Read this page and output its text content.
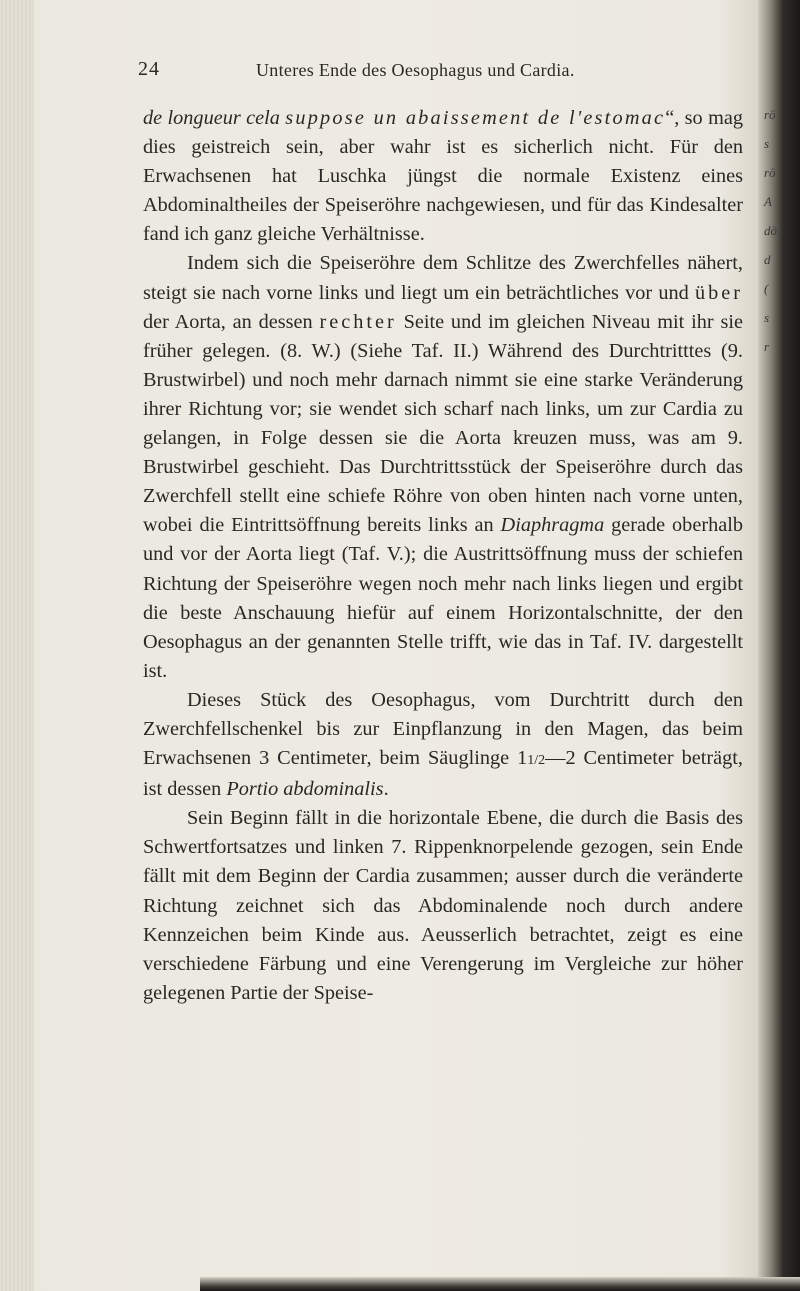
24	Unteres Ende des Oesophagus und Cardia.

de longueur cela suppose un abaissement de l'estomac“, so mag dies geistreich sein, aber wahr ist es sicherlich nicht. Für den Erwachsenen hat Luschka jüngst die normale Existenz eines Abdominaltheiles der Speiseröhre nachgewiesen, und für das Kindesalter fand ich ganz gleiche Verhältnisse.

Indem sich die Speiseröhre dem Schlitze des Zwerchfelles nähert, steigt sie nach vorne links und liegt um ein beträchtliches vor und über der Aorta, an dessen rechter Seite und im gleichen Niveau mit ihr sie früher gelegen. (8. W.) (Siehe Taf. II.) Während des Durchtritttes (9. Brustwirbel) und noch mehr darnach nimmt sie eine starke Veränderung ihrer Richtung vor; sie wendet sich scharf nach links, um zur Cardia zu gelangen, in Folge dessen sie die Aorta kreuzen muss, was am 9. Brustwirbel geschieht. Das Durchtrittsstück der Speiseröhre durch das Zwerchfell stellt eine schiefe Röhre von oben hinten nach vorne unten, wobei die Eintrittsöffnung bereits links an Diaphragma gerade oberhalb und vor der Aorta liegt (Taf. V.); die Austrittsöffnung muss der schiefen Richtung der Speiseröhre wegen noch mehr nach links liegen und ergibt die beste Anschauung hiefür auf einem Horizontalschnitte, der den Oesophagus an der genannten Stelle trifft, wie das in Taf. IV. dargestellt ist.

Dieses Stück des Oesophagus, vom Durchtritt durch den Zwerchfellschenkel bis zur Einpflanzung in den Magen, das beim Erwachsenen 3 Centimeter, beim Säuglinge 11/2—2 Centimeter beträgt, ist dessen Portio abdominalis.

Sein Beginn fällt in die horizontale Ebene, die durch die Basis des Schwertfortsatzes und linken 7. Rippenknorpelende gezogen, sein Ende fällt mit dem Beginn der Cardia zusammen; ausser durch die veränderte Richtung zeichnet sich das Abdominalende noch durch andere Kennzeichen beim Kinde aus. Aeusserlich betrachtet, zeigt es eine verschiedene Färbung und eine Verengerung im Vergleiche zur höher gelegenen Partie der Speise-

rö
s
rö
A
dö
d
(
s
r
